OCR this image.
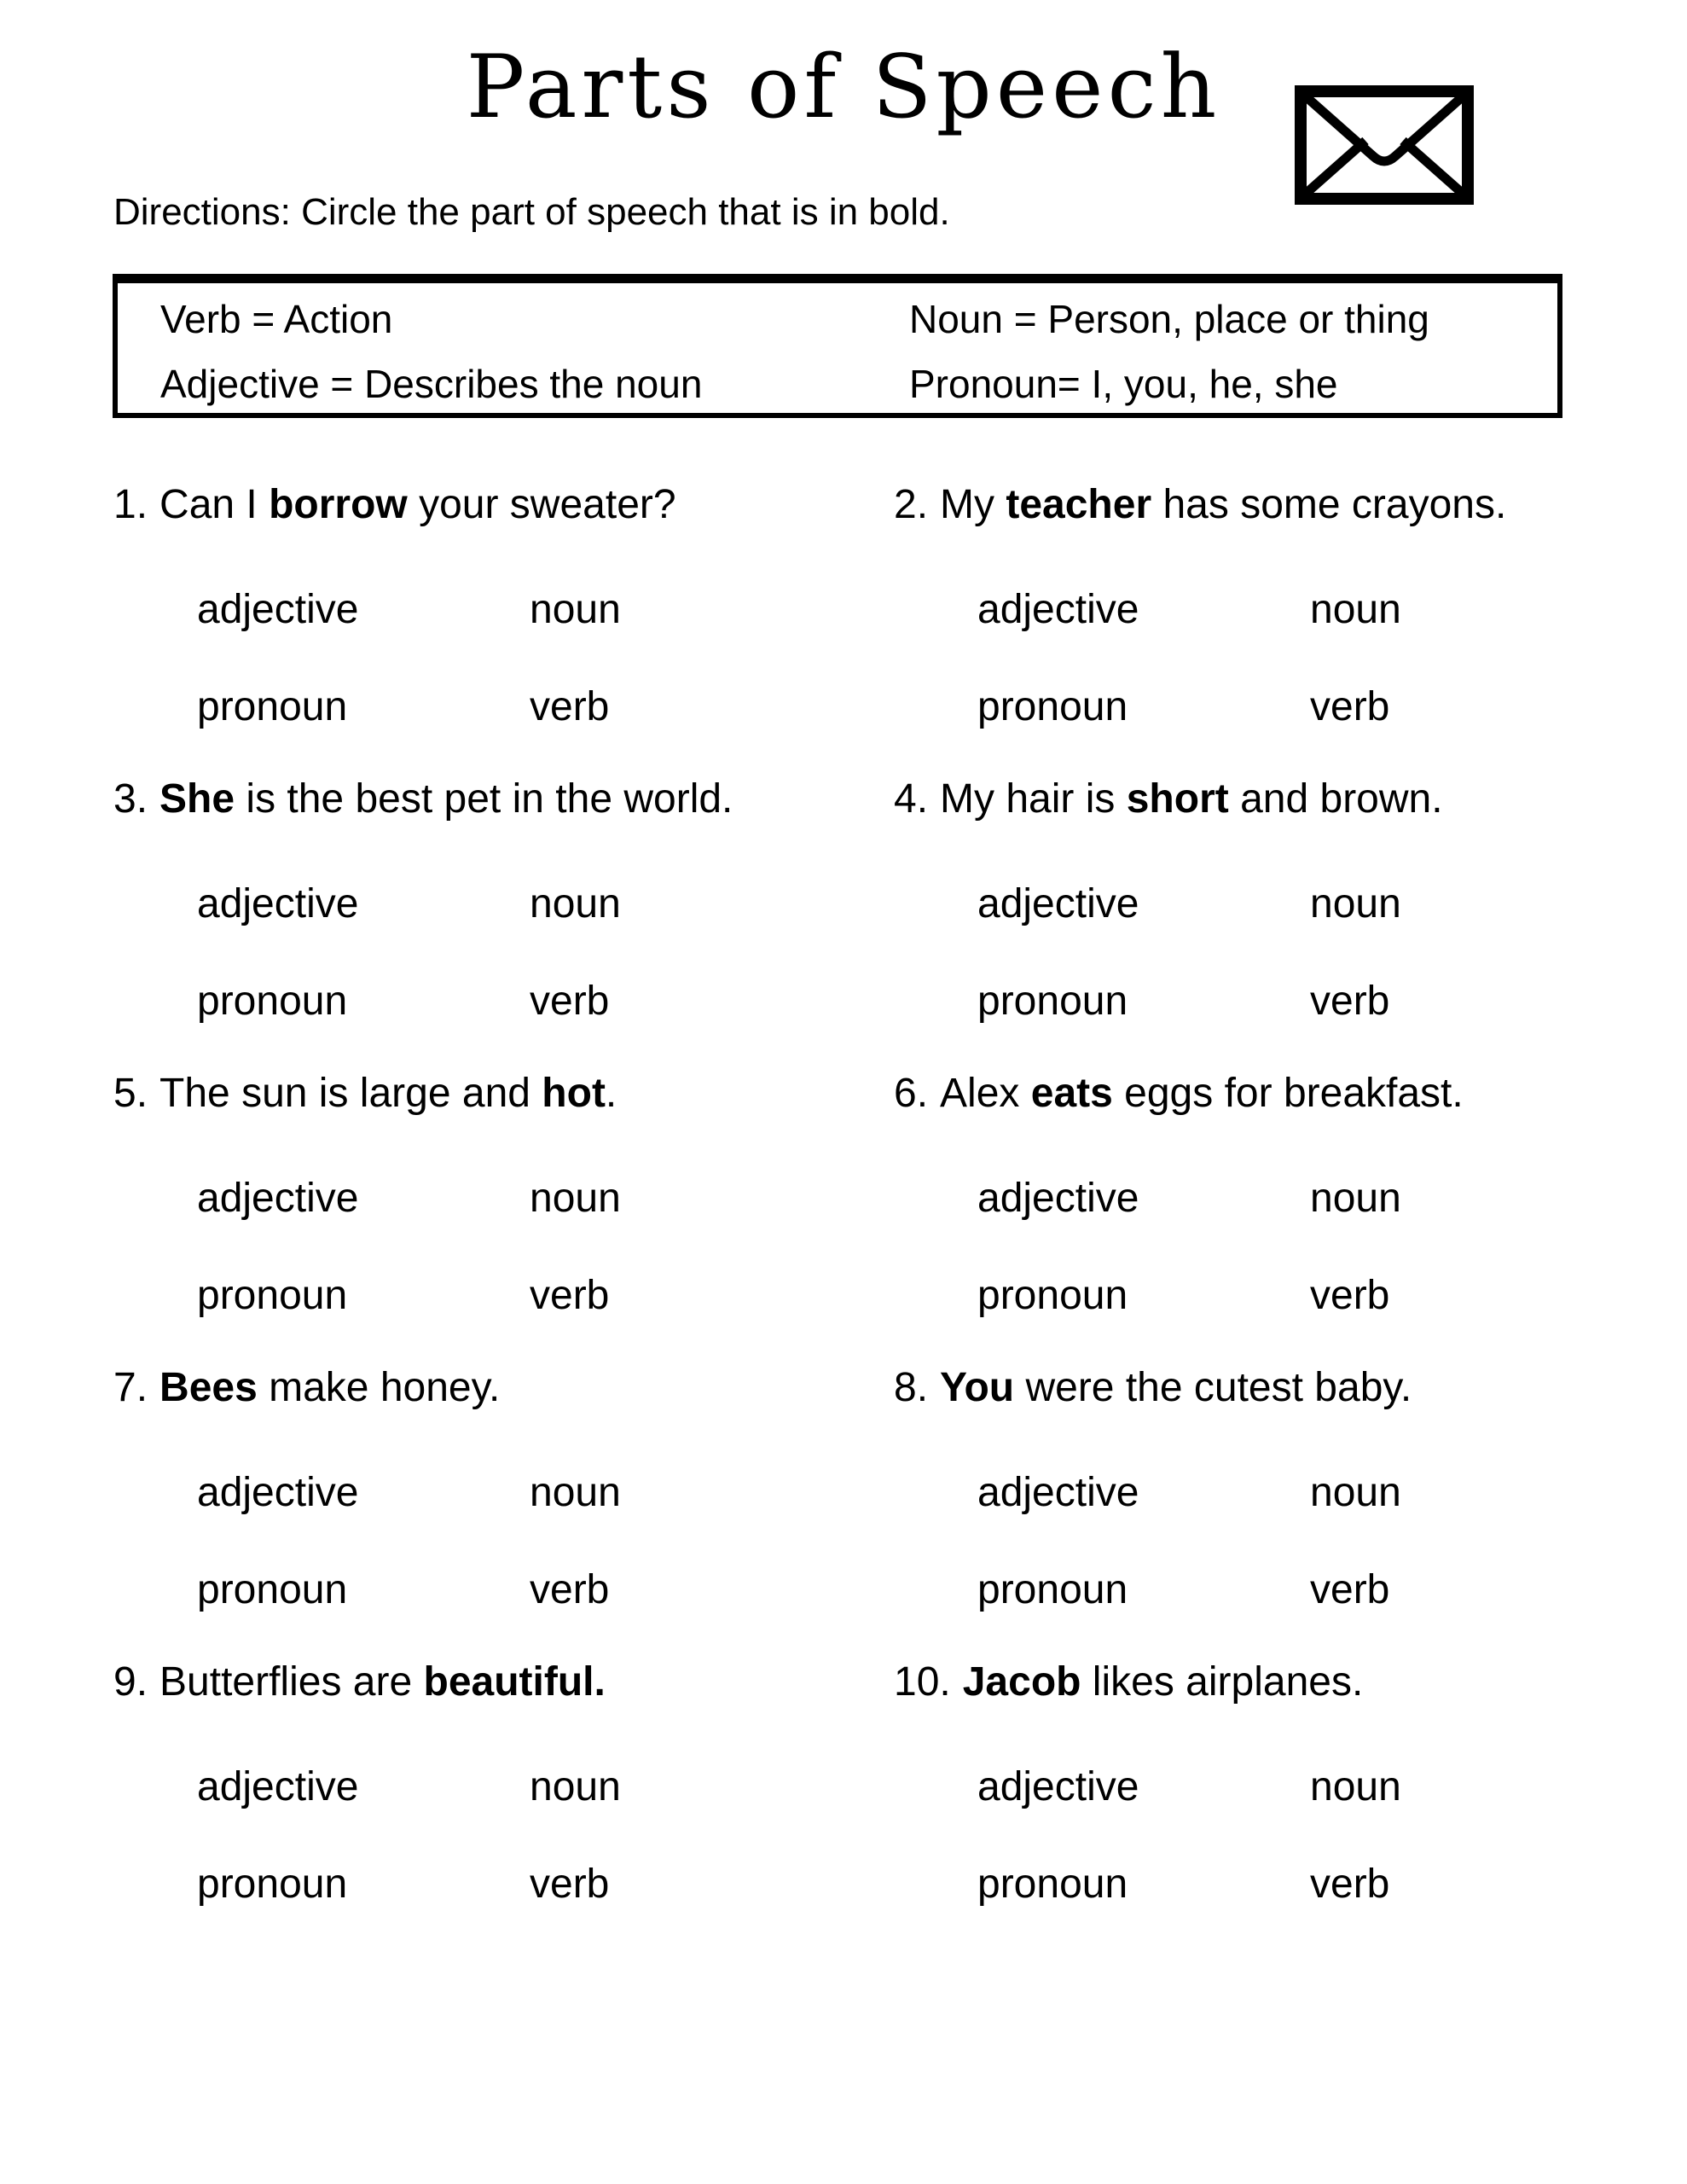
Parts of Speech
Directions: Circle the part of speech that is in bold.
Verb = Action	Noun = Person, place or thing
Adjective = Describes the noun	Pronoun= I, you, he, she
1. Can I borrow your sweater?
adjective	noun
pronoun	verb
2. My teacher has some crayons.
adjective	noun
pronoun	verb
3. She is the best pet in the world.
adjective	noun
pronoun	verb
4. My hair is short and brown.
adjective	noun
pronoun	verb
5. The sun is large and hot.
adjective	noun
pronoun	verb
6. Alex eats eggs for breakfast.
adjective	noun
pronoun	verb
7. Bees make honey.
adjective	noun
pronoun	verb
8. You were the cutest baby.
adjective	noun
pronoun	verb
9. Butterflies are beautiful.
adjective	noun
pronoun	verb
10. Jacob likes airplanes.
adjective	noun
pronoun	verb
